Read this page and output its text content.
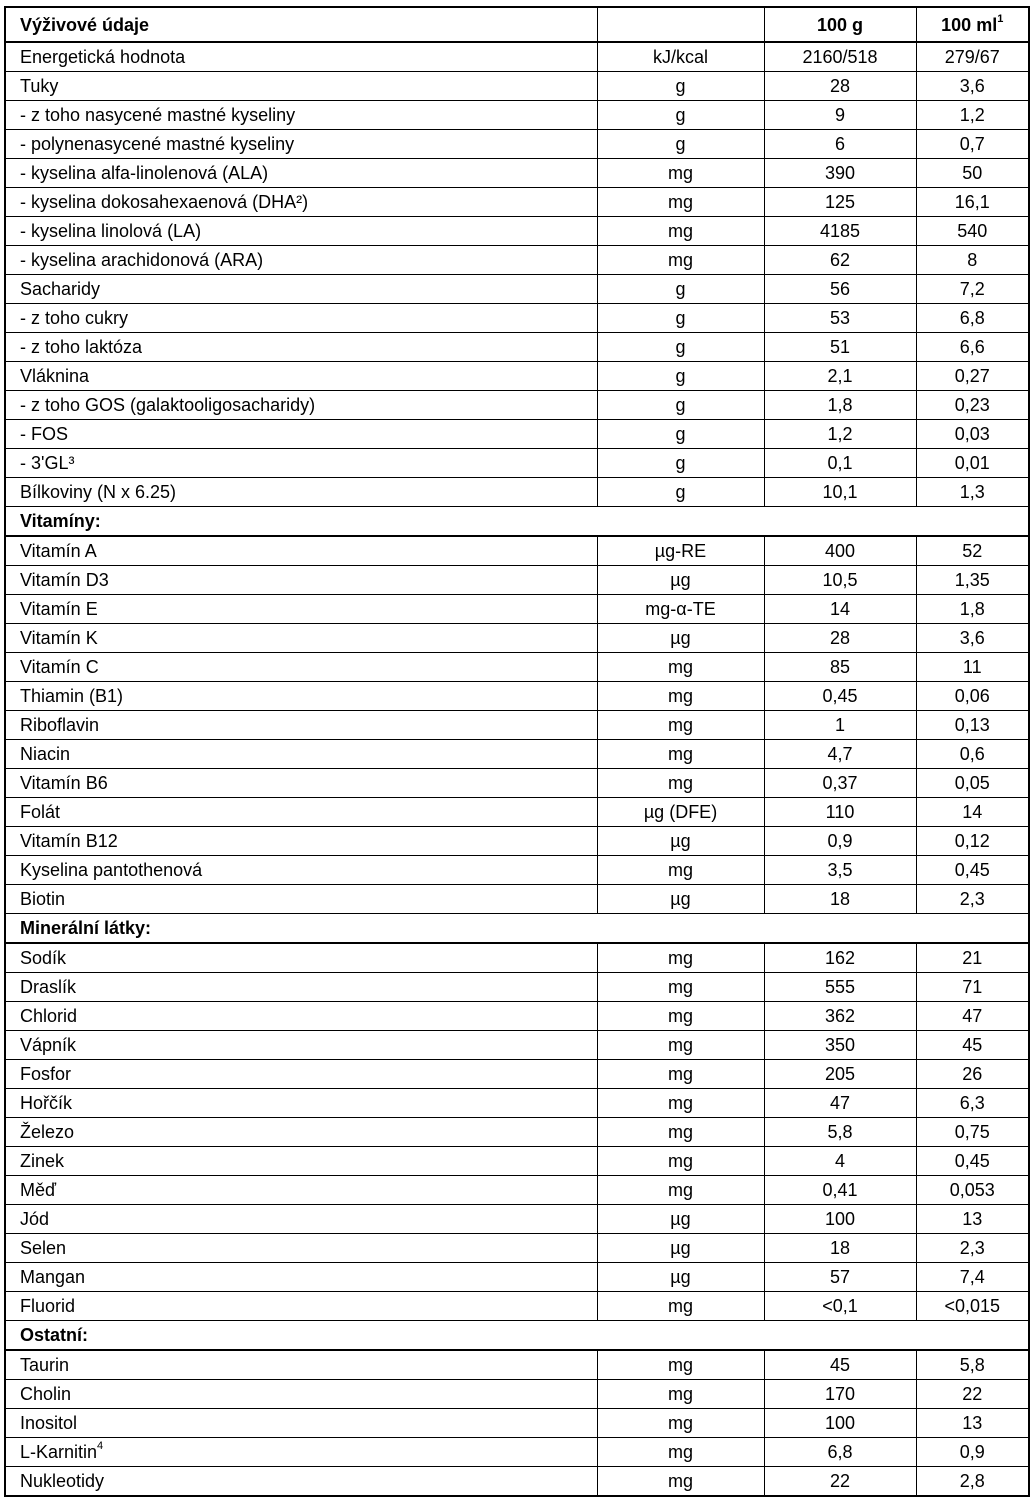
Výživové údaje		100 g	100 $ml^1$
Energetická hodnota	kJ/kcal	2160/518	279/67
Tuky	g	28	3,6
- z toho nasycené mastné kyseliny	g	9	1,2
- polynenasycené mastné kyseliny	g	6	0,7
- kyselina alfa-linolenová (ALA)	mg	390	50
- kyselina dokosahexaenová (DHA²)	mg	125	16,1
- kyselina linolová (LA)	mg	4185	540
- kyselina arachidonová (ARA)	mg	62	8
Sacharidy	g	56	7,2
- z toho cukry	g	53	6,8
- z toho laktóza	g	51	6,6
Vláknina	g	2,1	0,27
- z toho GOS (galaktooligosacharidy)	g	1,8	0,23
- FOS	g	1,2	0,03
- 3'GL³	g	0,1	0,01
Bílkoviny (N x 6.25)	g	10,1	1,3
Vitamíny:			
Vitamín A	µg-RE	400	52
Vitamín D3	µg	10,5	1,35
Vitamín E	mg-α-TE	14	1,8
Vitamín K	µg	28	3,6
Vitamín C	mg	85	11
Thiamin (B1)	mg	0,45	0,06
Riboflavin	mg	1	0,13
Niacin	mg	4,7	0,6
Vitamín B6	mg	0,37	0,05
Folát	µg (DFE)	110	14
Vitamín B12	µg	0,9	0,12
Kyselina pantothenová	mg	3,5	0,45
Biotin	µg	18	2,3
Minerální látky:			
Sodík	mg	162	21
Draslík	mg	555	71
Chlorid	mg	362	47
Vápník	mg	350	45
Fosfor	mg	205	26
Hořčík	mg	47	6,3
Železo	mg	5,8	0,75
Zinek	mg	4	0,45
Měď	mg	0,41	0,053
Jód	µg	100	13
Selen	µg	18	2,3
Mangan	µg	57	7,4
Fluorid	mg	<0,1	<0,015
Ostatní:			
Taurin	mg	45	5,8
Cholin	mg	170	22
Inositol	mg	100	13
L-Karnitin$^4$	mg	6,8	0,9
Nukleotidy	mg	22	2,8
